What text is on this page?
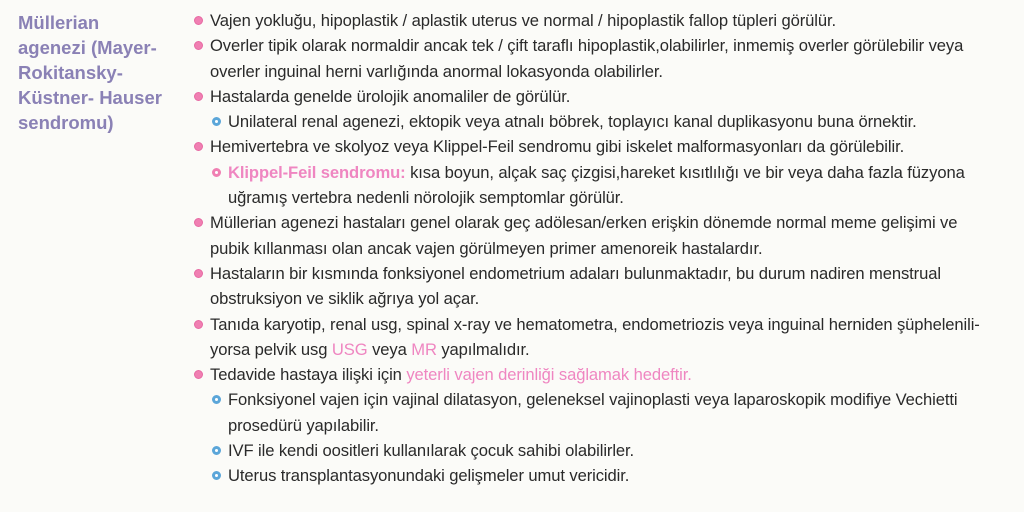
Müllerian
agenezi (Mayer-
Rokitansky-
Küstner- Hauser
sendromu)
Vajen yokluğu, hipoplastik / aplastik uterus ve normal / hipoplastik fallop tüpleri görülür.
Overler tipik olarak normaldir ancak tek / çift taraflı hipoplastik,olabilirler, inmemiş overler görülebilir veya
overler inguinal herni varlığında anormal lokasyonda olabilirler.
Hastalarda genelde ürolojik anomaliler de görülür.
Unilateral renal agenezi, ektopik veya atnalı böbrek, toplayıcı kanal duplikasyonu buna örnektir.
Hemivertebra ve skolyoz veya Klippel-Feil sendromu gibi iskelet malformasyonları da görülebilir.
Klippel-Feil sendromu: kısa boyun, alçak saç çizgisi,hareket kısıtlılığı ve bir veya daha fazla füzyona
uğramış vertebra nedenli nörolojik semptomlar görülür.
Müllerian agenezi hastaları genel olarak geç adölesan/erken erişkin dönemde normal meme gelişimi ve
pubik kıllanması olan ancak vajen görülmeyen primer amenoreik hastalardır.
Hastaların bir kısmında fonksiyonel endometrium adaları bulunmaktadır, bu durum nadiren menstrual
obstruksiyon ve siklik ağrıya yol açar.
Tanıda karyotip, renal usg, spinal x-ray ve hematometra, endometriozis veya inguinal herniden şüphelenili-
yorsa pelvik usg USG veya MR yapılmalıdır.
Tedavide hastaya ilişki için yeterli vajen derinliği sağlamak hedeftir.
Fonksiyonel vajen için vajinal dilatasyon, geleneksel vajinoplasti veya laparoskopik modifiye Vechietti
prosedürü yapılabilir.
IVF ile kendi oositleri kullanılarak çocuk sahibi olabilirler.
Uterus transplantasyonundaki gelişmeler umut vericidir.
